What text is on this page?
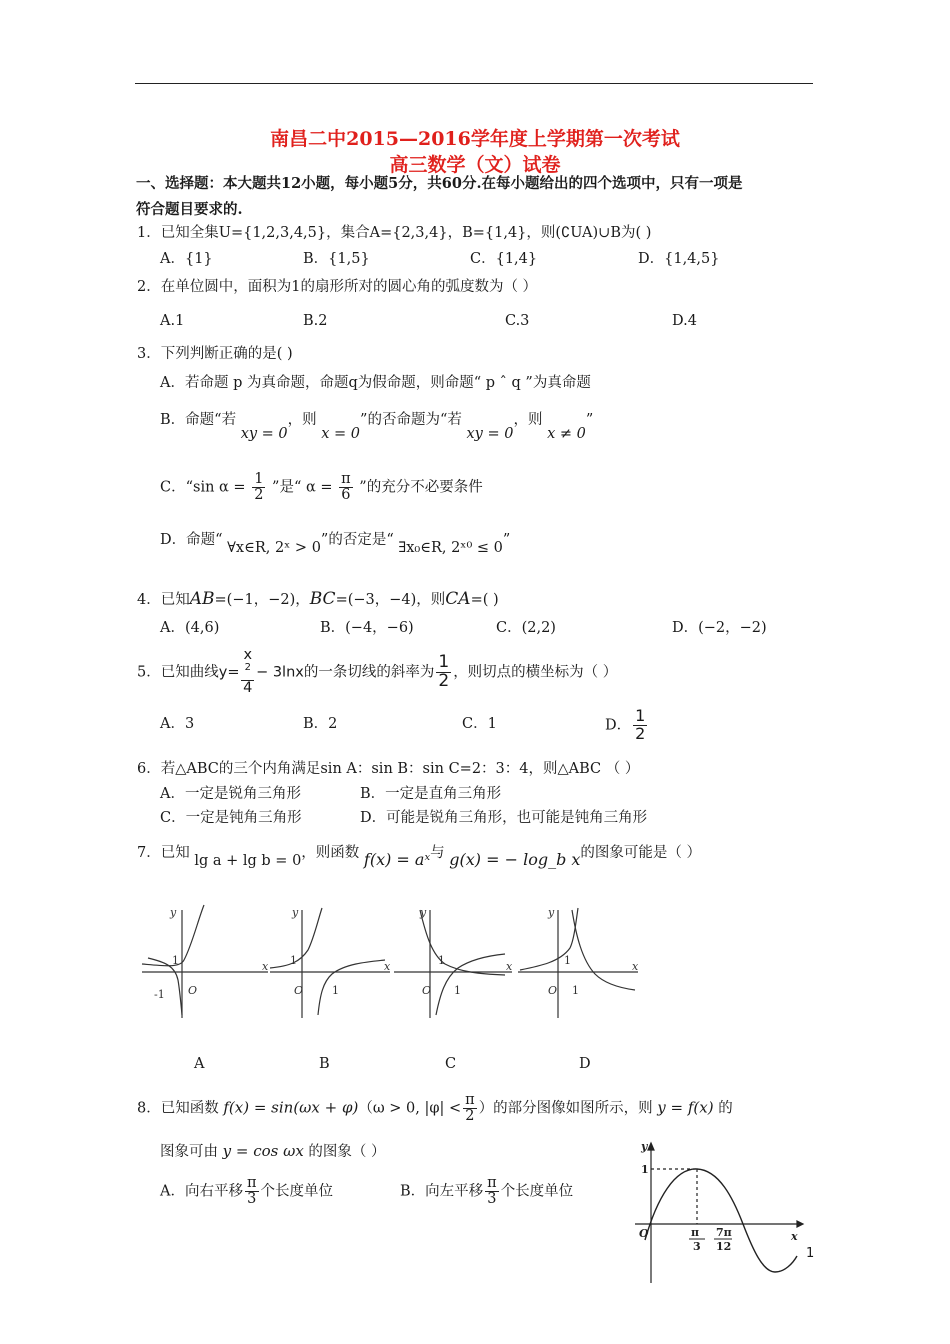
南昌二中2015—2016学年度上学期第一次考试
高三数学（文）试卷
一、选择题：本大题共12小题，每小题5分，共60分.在每小题给出的四个选项中，只有一项是
符合题目要求的.
1．已知全集U={1,2,3,4,5}，集合A={2,3,4}，B={1,4}，则(∁UA)∪B为( )
A．{1}	B．{1,5}	C．{1,4}	D．{1,4,5}
2．在单位圆中，面积为1的扇形所对的圆心角的弧度数为（ ）
A.1	B.2	C.3	D.4
3．下列判断正确的是( )
A．若命题 p 为真命题，命题q为假命题，则命题“ p ˆ q ”为真命题
B．命题“若 xy = 0，则 x = 0”的否命题为“若 xy = 0，则 x ≠ 0”
C．“sin $\alpha = \frac{1}{2}$ ”是“ $\alpha = \frac{\pi}{6}$ ”的充分不必要条件
D．命题“ ∀x∈R, 2ˣ > 0”的否定是“ ∃x₀∈R, 2ˣ⁰ ≤ 0”
4．已知AB=(−1，−2)，BC=(−3，−4)，则CA=( )
A．(4,6)	B．(−4，−6)	C．(2,2)	D．(−2，−2)
5．已知曲线y= x
$^2$
4 − 3lnx的一条切线的斜率为 $\frac{1}{2}$ ，则切点的横坐标为（ ）
A．3	B．2	C．1	D． $\frac{1}{2}$
6．若△ABC的三个内角满足sin A：sin B：sin C=2：3：4，则△ABC （ ）
A．一定是锐角三角形	B．一定是直角三角形
C．一定是钝角三角形	D．可能是锐角三角形，也可能是钝角三角形
7．已知 lg a + lg b = 0，则函数 f(x) = aˣ与 g(x) = − log_b x的图象可能是（ ）
y
x
O
1
-1
y
x
O
1
1
y
x
O
1
1
y
x
O
1
1
A	B	C	D
8．已知函数 f(x) = sin(ωx + φ)（ω > 0, $|\varphi| < \frac{\pi}{2}$ ）的部分图像如图所示，则 y = f(x) 的
图象可由 y = cos ωx 的图象（ ）
A．向右平移 $\frac{\pi}{3}$ 个长度单位	B．向左平移 $\frac{\pi}{3}$ 个长度单位
y
x
O
1
π
3
7π
12	1
